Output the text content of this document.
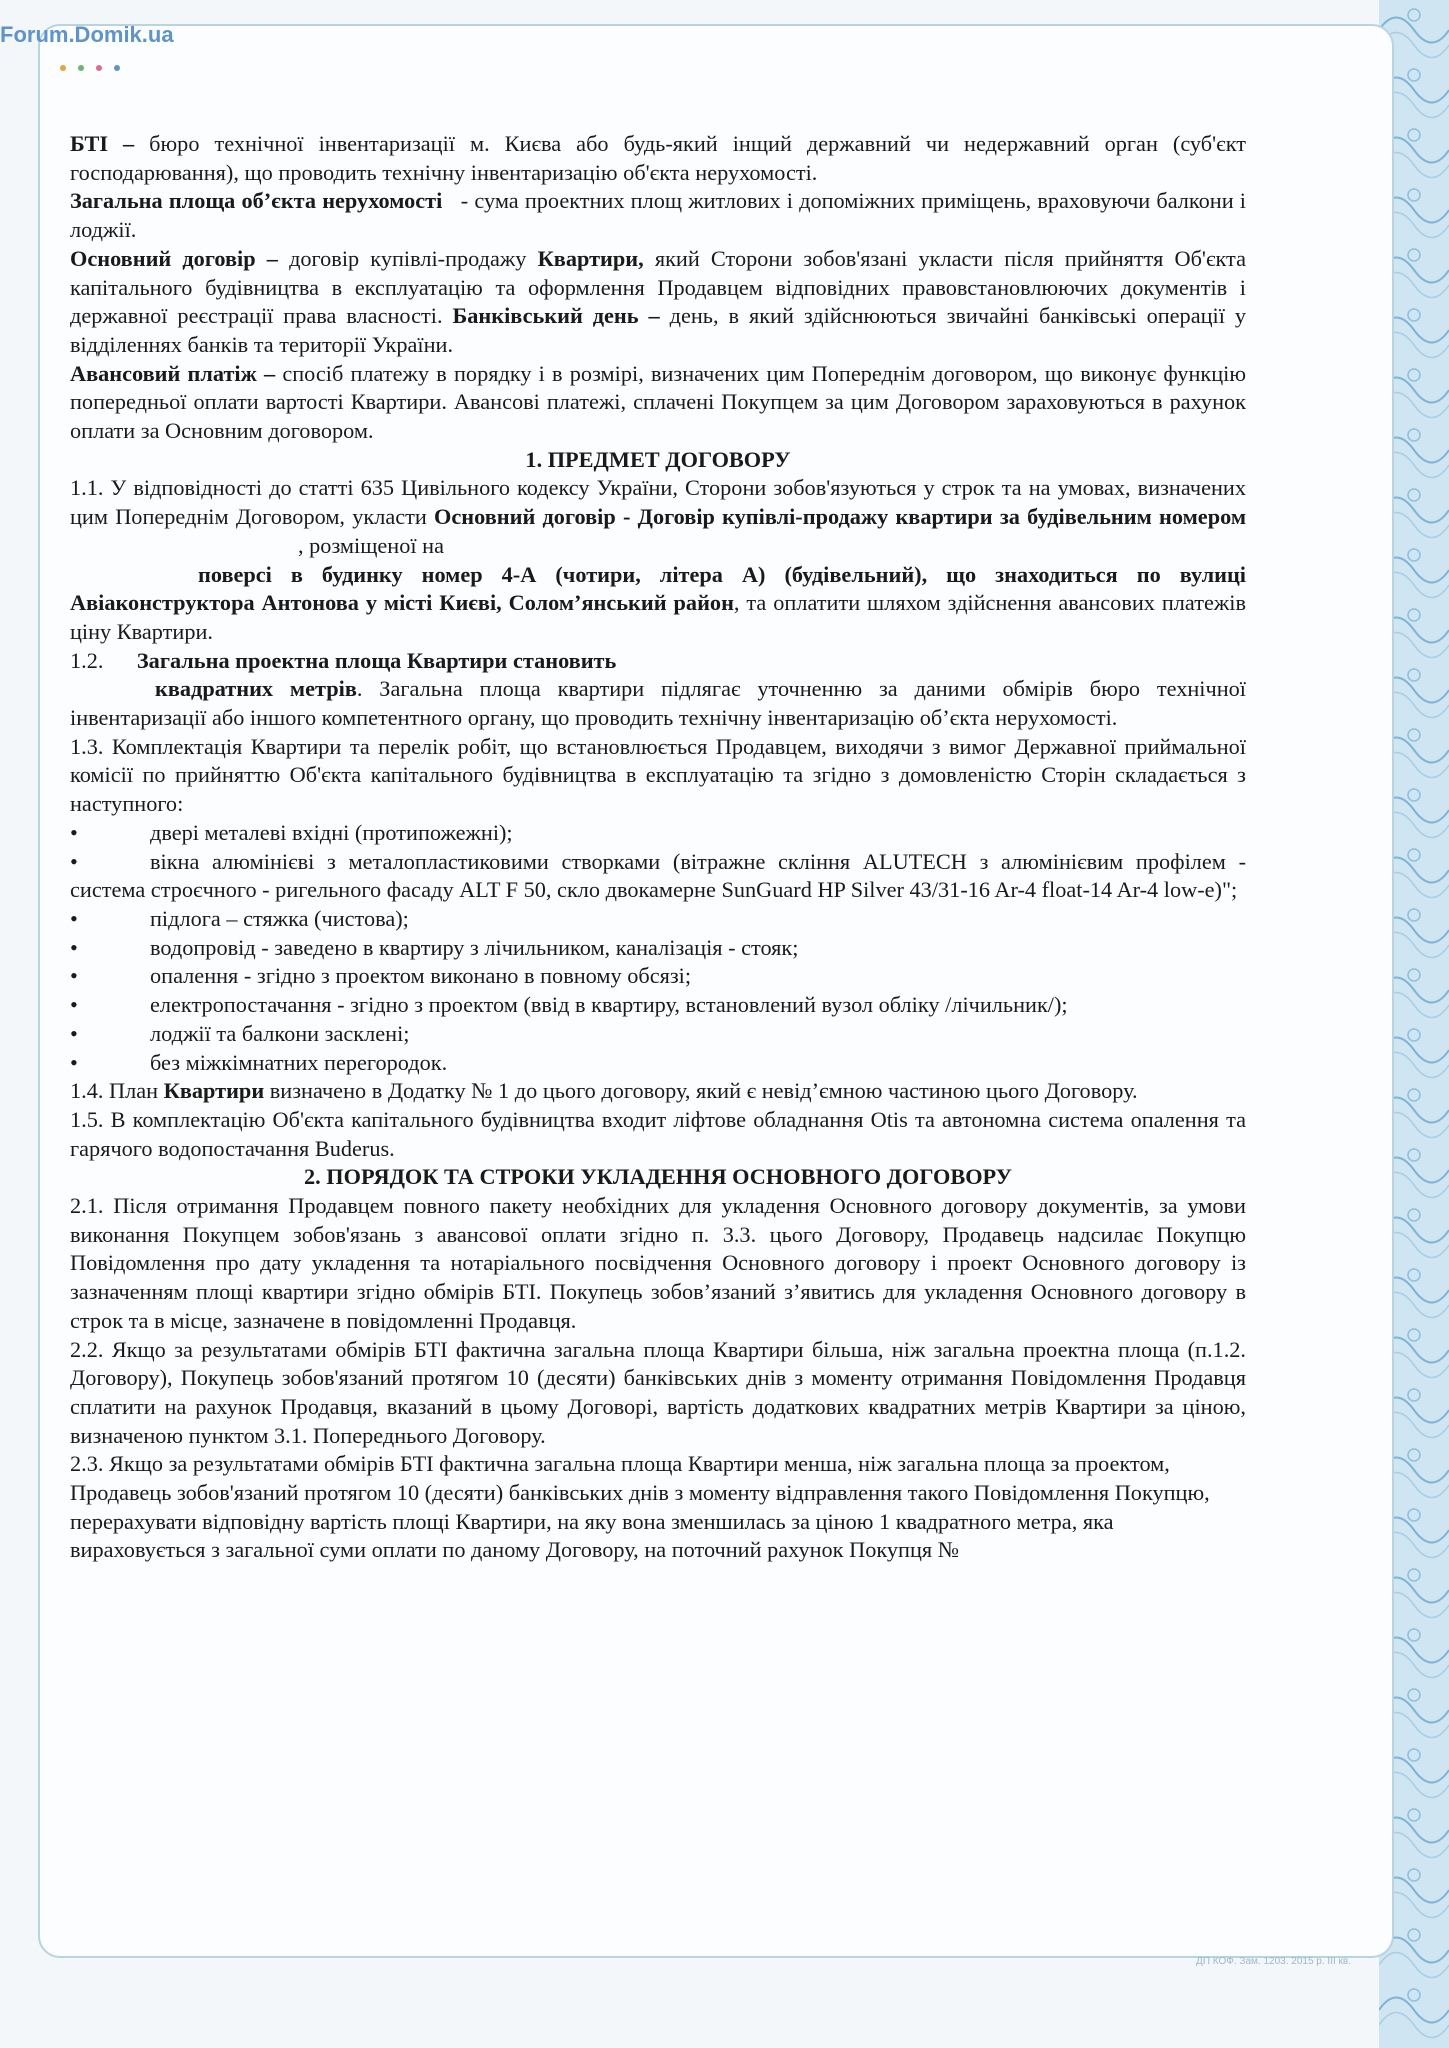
Forum.Domik.ua

БТІ – бюро технічної інвентаризації м. Києва або будь-який інщий державний чи недержавний орган (суб'єкт господарювання), що проводить технічну інвентаризацію об'єкта нерухомості.

Загальна площа об’єкта нерухомості - сума проектних площ житлових і допоміжних приміщень, враховуючи балкони і лоджії.

Основний договір – договір купівлі-продажу Квартири, який Сторони зобов'язані укласти після прийняття Об'єкта капітального будівництва в експлуатацію та оформлення Продавцем відповідних правовстановлюючих документів і державної реєстрації права власності. Банківський день – день, в який здійснюються звичайні банківські операції у відділеннях банків та території України.

Авансовий платіж – спосіб платежу в порядку і в розмірі, визначених цим Попереднім договором, що виконує функцію попередньої оплати вартості Квартири. Авансові платежі, сплачені Покупцем за цим Договором зараховуються в рахунок оплати за Основним договором.

1. ПРЕДМЕТ ДОГОВОРУ

1.1. У відповідності до статті 635 Цивільного кодексу України, Сторони зобов'язуються у строк та на умовах, визначених цим Попереднім Договором, укласти Основний договір - Договір купівлі-продажу квартири за будівельним номером, розміщеної на
поверсі в будинку номер 4-А (чотири, літера А) (будівельний), що знаходиться по вулиці Авіаконструктора Антонова у місті Києві, Солом’янський район, та оплатити шляхом здійснення авансових платежів ціну Квартири.

1.2. Загальна проектна площа Квартири становить
квадратних метрів. Загальна площа квартири підлягає уточненню за даними обмірів бюро технічної інвентаризації або іншого компетентного органу, що проводить технічну інвентаризацію об’єкта нерухомості.

1.3. Комплектація Квартири та перелік робіт, що встановлюється Продавцем, виходячи з вимог Державної приймальної комісії по прийняттю Об'єкта капітального будівництва в експлуатацію та згідно з домовленістю Сторін складається з наступного:

•	двері металеві вхідні (протипожежні);
•	вікна алюмінієві з металопластиковими створками (вітражне скління ALUTECH з алюмінієвим профілем - система строєчного - ригельного фасаду ALT F 50, скло двокамерне SunGuard HP Silver 43/31-16 Ar-4 float-14 Ar-4 low-e)";
•	підлога – стяжка (чистова);
•	водопровід - заведено в квартиру з лічильником, каналізація - стояк;
•	опалення - згідно з проектом виконано в повному обсязі;
•	електропостачання - згідно з проектом (ввід в квартиру, встановлений вузол обліку /лічильник/);
•	лоджії та балкони засклені;
•	без міжкімнатних перегородок.

1.4. План Квартири визначено в Додатку № 1 до цього договору, який є невід’ємною частиною цього Договору.

1.5. В комплектацію Об'єкта капітального будівництва входит ліфтове обладнання Otis та автономна система опалення та гарячого водопостачання Buderus.

2. ПОРЯДОК ТА СТРОКИ УКЛАДЕННЯ ОСНОВНОГО ДОГОВОРУ

2.1. Після отримання Продавцем повного пакету необхідних для укладення Основного договору документів, за умови виконання Покупцем зобов'язань з авансової оплати згідно п. 3.3. цього Договору, Продавець надсилає Покупцю Повідомлення про дату укладення та нотаріального посвідчення Основного договору і проект Основного договору із зазначенням площі квартири згідно обмірів БТІ. Покупець зобов’язаний з’явитись для укладення Основного договору в строк та в місце, зазначене в повідомленні Продавця.

2.2. Якщо за результатами обмірів БТІ фактична загальна площа Квартири більша, ніж загальна проектна площа (п.1.2. Договору), Покупець зобов'язаний протягом 10 (десяти) банківських днів з моменту отримання Повідомлення Продавця сплатити на рахунок Продавця, вказаний в цьому Договорі, вартість додаткових квадратних метрів Квартири за ціною, визначеною пунктом 3.1. Попереднього Договору.

2.3. Якщо за результатами обмірів БТІ фактична загальна площа Квартири менша, ніж загальна площа за проектом, Продавець зобов'язаний протягом 10 (десяти) банківських днів з моменту відправлення такого Повідомлення Покупцю, перерахувати відповідну вартість площі Квартири, на яку вона зменшилась за ціною 1 квадратного метра, яка вираховується з загальної суми оплати по даному Договору, на поточний рахунок Покупця №

ДП КОФ. Зам. 1203. 2015 р. III кв.
